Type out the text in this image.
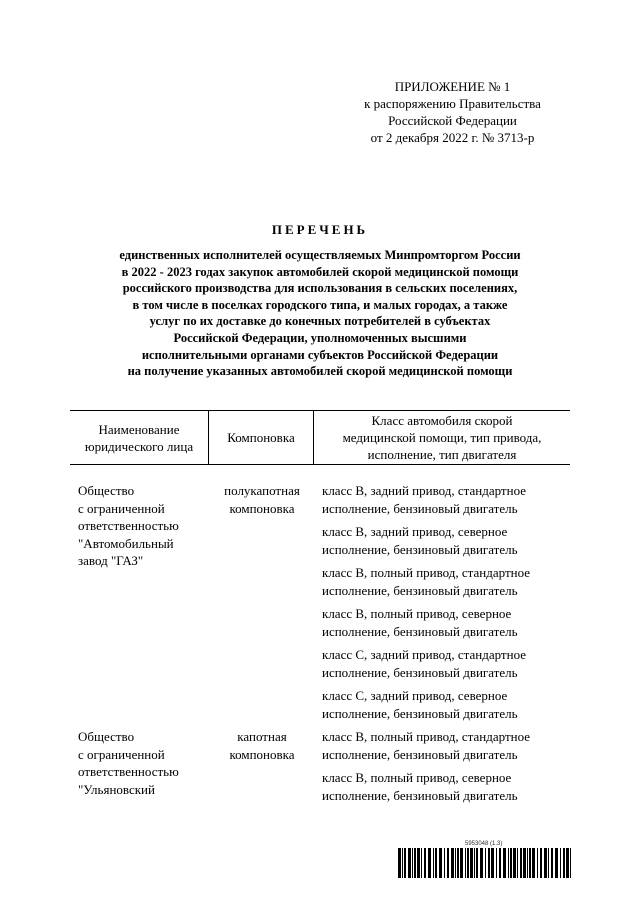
ПРИЛОЖЕНИЕ № 1
к распоряжению Правительства
Российской Федерации
от 2 декабря 2022 г. № 3713-р
ПЕРЕЧЕНЬ
единственных исполнителей осуществляемых Минпромторгом России
в 2022 - 2023 годах закупок автомобилей скорой медицинской помощи
российского производства для использования в сельских поселениях,
в том числе в поселках городского типа, и малых городах, а также
услуг по их доставке до конечных потребителей в субъектах
Российской Федерации, уполномоченных высшими
исполнительными органами субъектов Российской Федерации
на получение указанных автомобилей скорой медицинской помощи
Наименование
юридического лица
Компоновка
Класс автомобиля скорой
медицинской помощи, тип привода,
исполнение, тип двигателя
Общество
с ограниченной
ответственностью
"Автомобильный
завод "ГАЗ"
полукапотная
компоновка
класс B, задний привод, стандартное
исполнение, бензиновый двигатель
класс B, задний привод, северное
исполнение, бензиновый двигатель
класс B, полный привод, стандартное
исполнение, бензиновый двигатель
класс B, полный привод, северное
исполнение, бензиновый двигатель
класс C, задний привод, стандартное
исполнение, бензиновый двигатель
класс C, задний привод, северное
исполнение, бензиновый двигатель
Общество
с ограниченной
ответственностью
"Ульяновский
капотная
компоновка
класс B, полный привод, стандартное
исполнение, бензиновый двигатель
класс B, полный привод, северное
исполнение, бензиновый двигатель
5953048 (1.3)
